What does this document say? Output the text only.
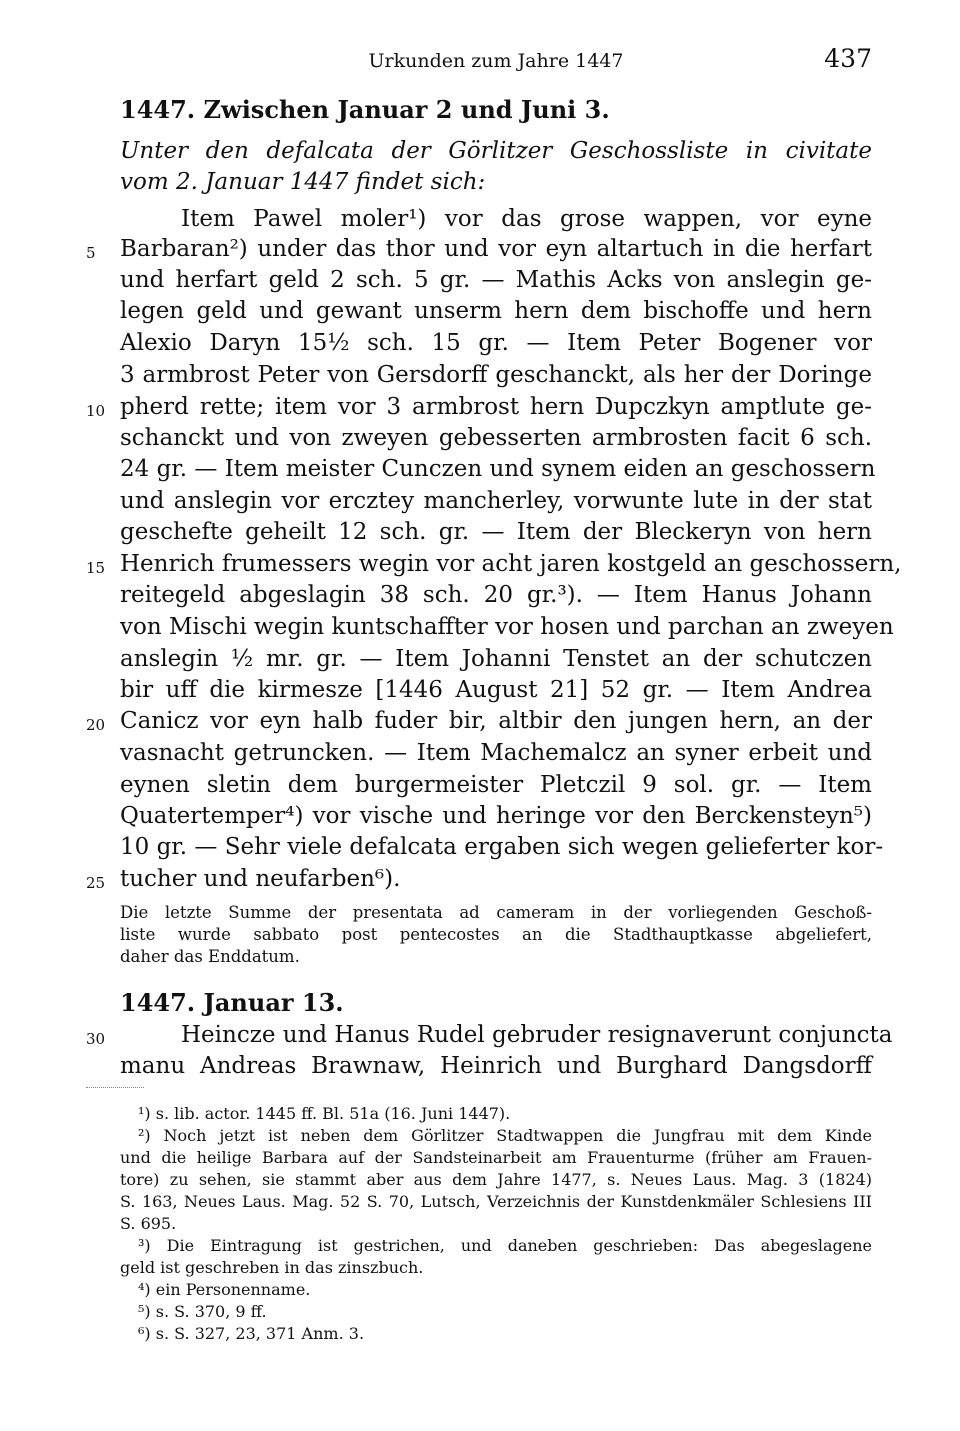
Urkunden zum Jahre 1447	437
1447. Zwischen Januar 2 und Juni 3.
Unter den defalcata der Görlitzer Geschossliste in civitate
vom 2. Januar 1447 findet sich:
Item Pawel moler¹) vor das grose wappen, vor eyne
Barbaran²) under das thor und vor eyn altartuch in die herfart
und herfart geld 2 sch. 5 gr. — Mathis Acks von anslegin ge-
legen geld und gewant unserm hern dem bischoffe und hern
Alexio Daryn 15½ sch. 15 gr. — Item Peter Bogener vor
3 armbrost Peter von Gersdorff geschanckt, als her der Doringe
pherd rette; item vor 3 armbrost hern Dupczkyn amptlute ge-
schanckt und von zweyen gebesserten armbrosten facit 6 sch.
24 gr. — Item meister Cunczen und synem eiden an geschossern
und anslegin vor ercztey mancherley, vorwunte lute in der stat
geschefte geheilt 12 sch. gr. — Item der Bleckeryn von hern
Henrich frumessers wegin vor acht jaren kostgeld an geschossern,
reitegeld abgeslagin 38 sch. 20 gr.³). — Item Hanus Johann
von Mischi wegin kuntschaffter vor hosen und parchan an zweyen
anslegin ½ mr. gr. — Item Johanni Tenstet an der schutczen
bir uff die kirmesze [1446 August 21] 52 gr. — Item Andrea
Canicz vor eyn halb fuder bir, altbir den jungen hern, an der
vasnacht getruncken. — Item Machemalcz an syner erbeit und
eynen sletin dem burgermeister Pletczil 9 sol. gr. — Item
Quatertemper⁴) vor vische und heringe vor den Berckensteyn⁵)
10 gr. — Sehr viele defalcata ergaben sich wegen gelieferter kor-
tucher und neufarben⁶).
Die letzte Summe der presentata ad cameram in der vorliegenden Geschoß-
liste wurde sabbato post pentecostes an die Stadthauptkasse abgeliefert,
daher das Enddatum.
1447. Januar 13.
Heincze und Hanus Rudel gebruder resignaverunt conjuncta
manu Andreas Brawnaw, Heinrich und Burghard Dangsdorff
5
10
15
20
25
30
¹) s. lib. actor. 1445 ff. Bl. 51a (16. Juni 1447).
²) Noch jetzt ist neben dem Görlitzer Stadtwappen die Jungfrau mit dem Kinde
und die heilige Barbara auf der Sandsteinarbeit am Frauenturme (früher am Frauen-
tore) zu sehen, sie stammt aber aus dem Jahre 1477, s. Neues Laus. Mag. 3 (1824)
S. 163, Neues Laus. Mag. 52 S. 70, Lutsch, Verzeichnis der Kunstdenkmäler Schlesiens III
S. 695.
³) Die Eintragung ist gestrichen, und daneben geschrieben: Das abegeslagene
geld ist geschreben in das zinszbuch.
⁴) ein Personenname.
⁵) s. S. 370, 9 ff.
⁶) s. S. 327, 23, 371 Anm. 3.
